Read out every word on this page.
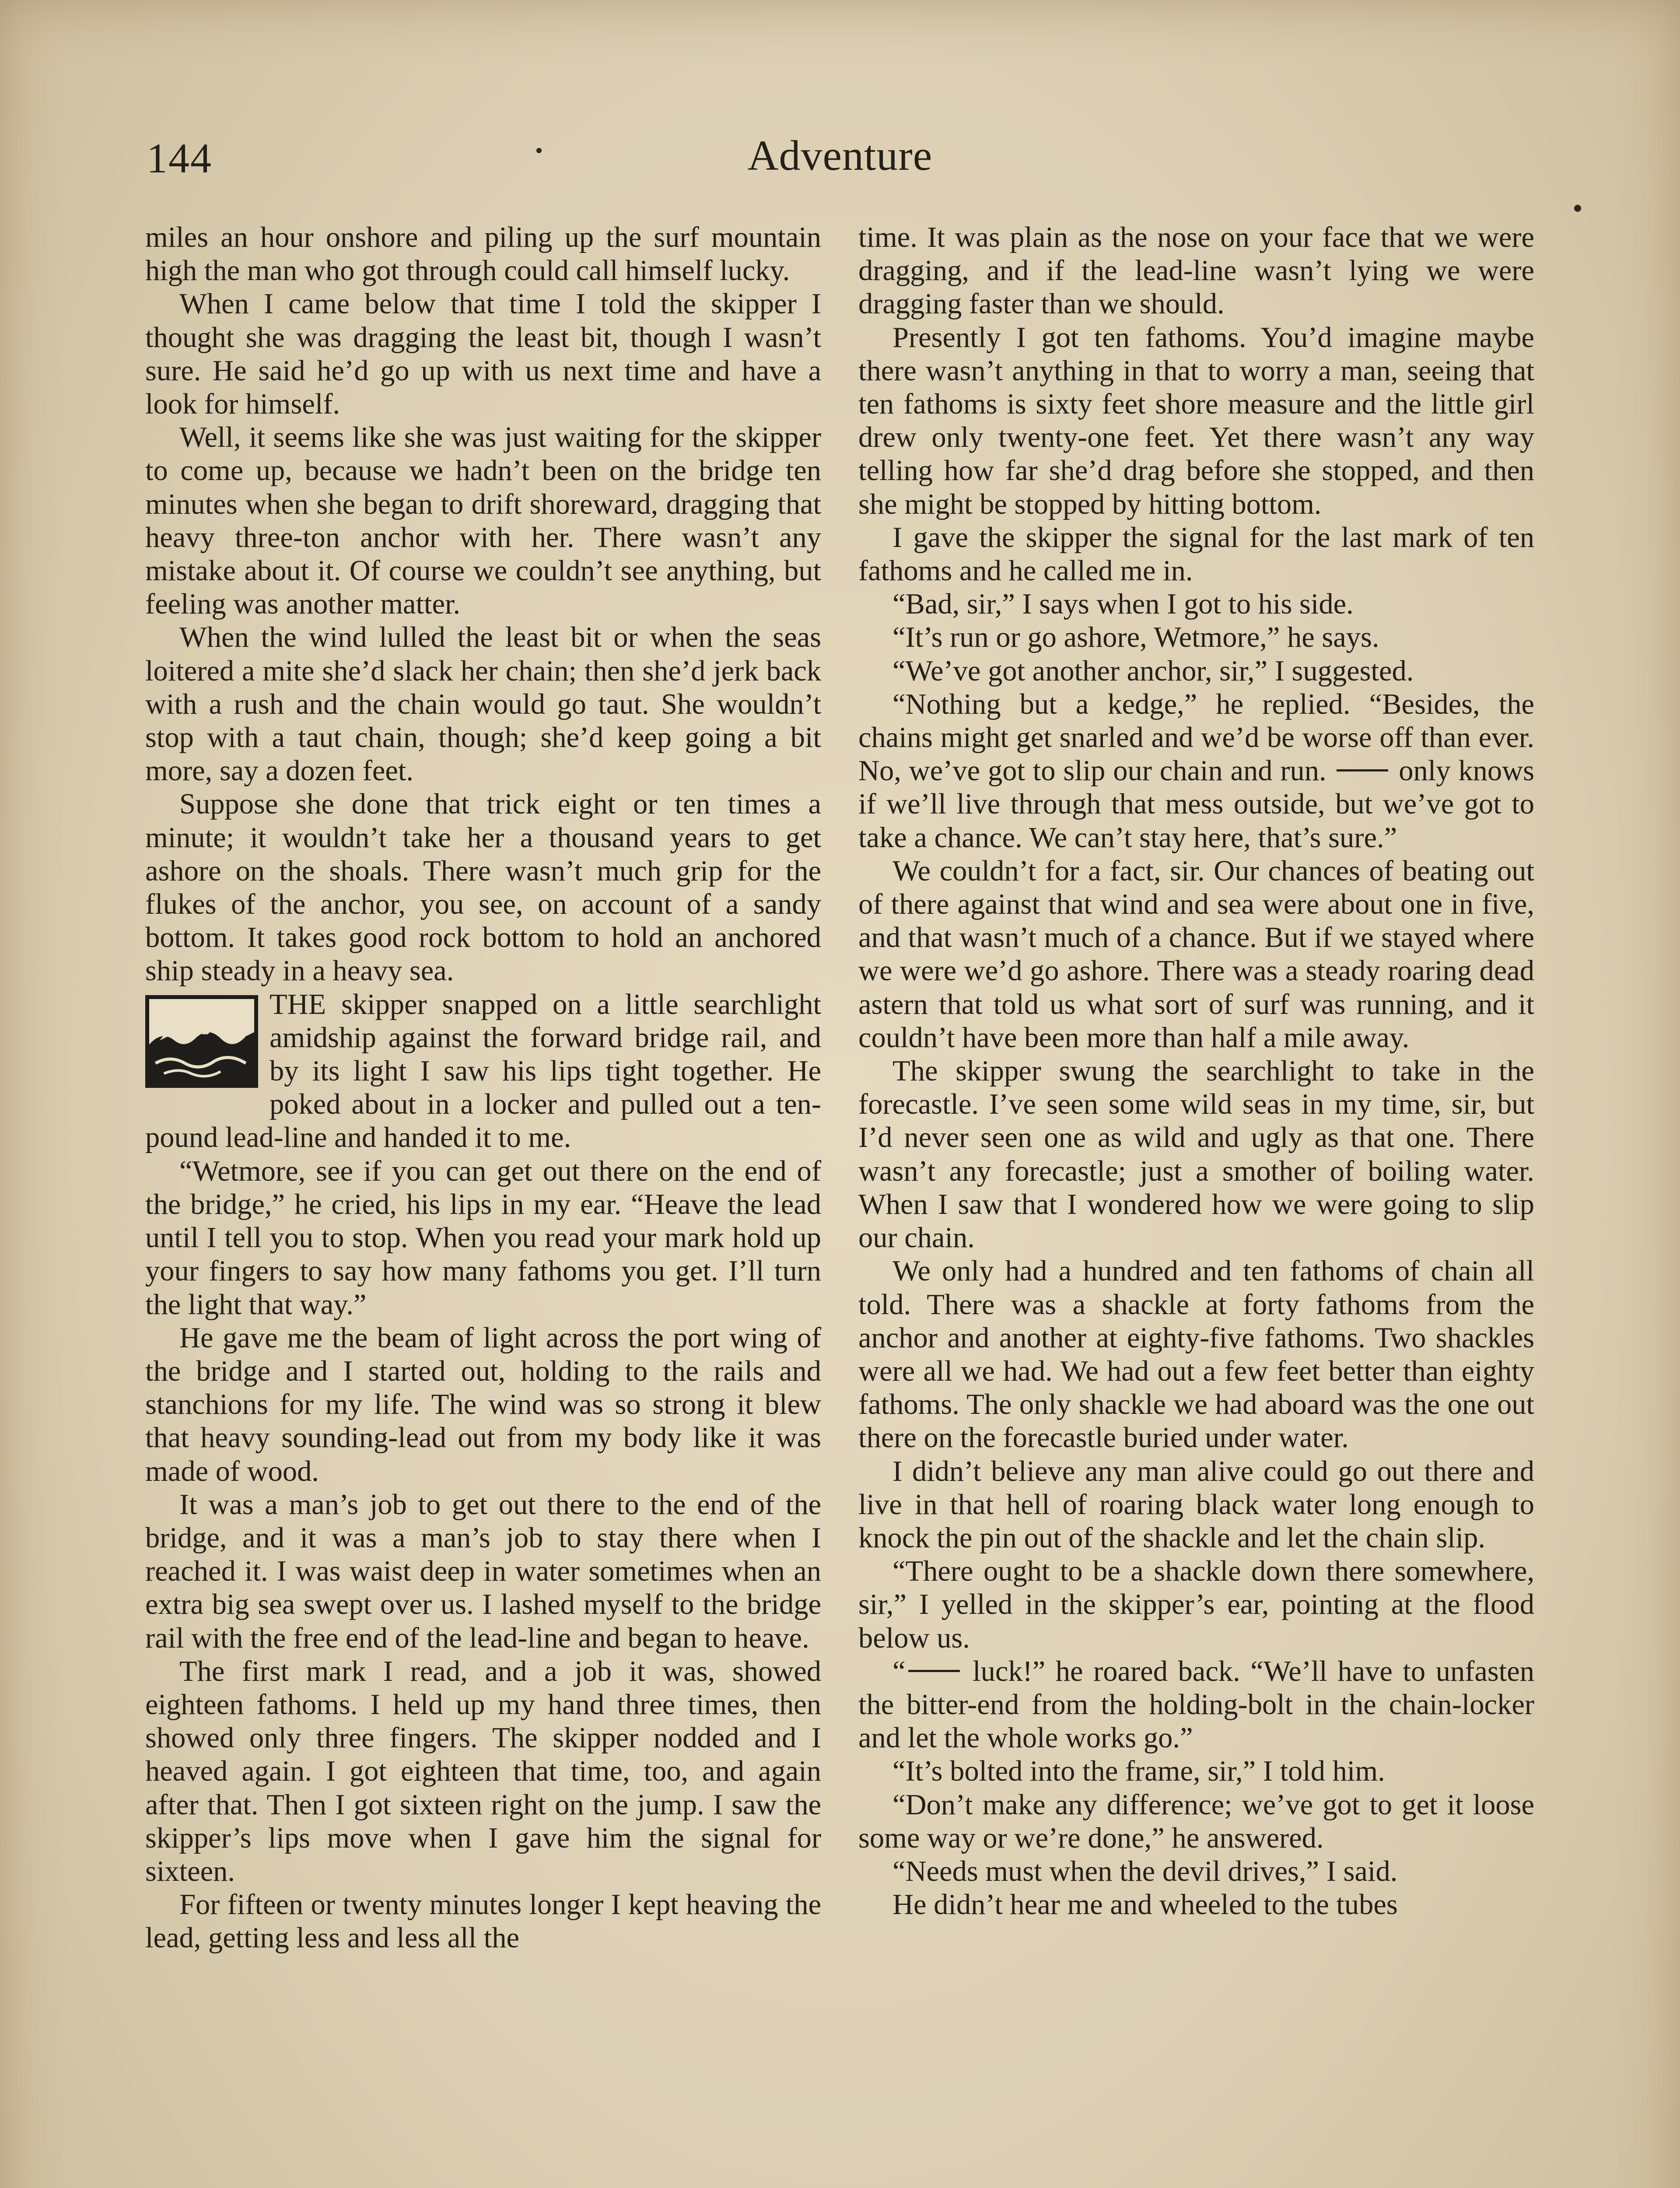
144	Adventure

miles an hour onshore and piling up the surf mountain high the man who got through could call himself lucky.

When I came below that time I told the skipper I thought she was dragging the least bit, though I wasn’t sure. He said he’d go up with us next time and have a look for himself.

Well, it seems like she was just waiting for the skipper to come up, because we hadn’t been on the bridge ten minutes when she began to drift shoreward, dragging that heavy three-ton anchor with her. There wasn’t any mistake about it. Of course we couldn’t see anything, but feeling was another matter.

When the wind lulled the least bit or when the seas loitered a mite she’d slack her chain; then she’d jerk back with a rush and the chain would go taut. She wouldn’t stop with a taut chain, though; she’d keep going a bit more, say a dozen feet.

Suppose she done that trick eight or ten times a minute; it wouldn’t take her a thousand years to get ashore on the shoals. There wasn’t much grip for the flukes of the anchor, you see, on account of a sandy bottom. It takes good rock bottom to hold an anchored ship steady in a heavy sea.

THE skipper snapped on a little searchlight amidship against the forward bridge rail, and by its light I saw his lips tight together. He poked about in a locker and pulled out a ten-pound lead-line and handed it to me.

“Wetmore, see if you can get out there on the end of the bridge,” he cried, his lips in my ear. “Heave the lead until I tell you to stop. When you read your mark hold up your fingers to say how many fathoms you get. I’ll turn the light that way.”

He gave me the beam of light across the port wing of the bridge and I started out, holding to the rails and stanchions for my life. The wind was so strong it blew that heavy sounding-lead out from my body like it was made of wood.

It was a man’s job to get out there to the end of the bridge, and it was a man’s job to stay there when I reached it. I was waist deep in water sometimes when an extra big sea swept over us. I lashed myself to the bridge rail with the free end of the lead-line and began to heave.

The first mark I read, and a job it was, showed eighteen fathoms. I held up my hand three times, then showed only three fingers. The skipper nodded and I heaved again. I got eighteen that time, too, and again after that. Then I got sixteen right on the jump. I saw the skipper’s lips move when I gave him the signal for sixteen.

For fifteen or twenty minutes longer I kept heaving the lead, getting less and less all the

time. It was plain as the nose on your face that we were dragging, and if the lead-line wasn’t lying we were dragging faster than we should.

Presently I got ten fathoms. You’d imagine maybe there wasn’t anything in that to worry a man, seeing that ten fathoms is sixty feet shore measure and the little girl drew only twenty-one feet. Yet there wasn’t any way telling how far she’d drag before she stopped, and then she might be stopped by hitting bottom.

I gave the skipper the signal for the last mark of ten fathoms and he called me in.

“Bad, sir,” I says when I got to his side.

“It’s run or go ashore, Wetmore,” he says.

“We’ve got another anchor, sir,” I suggested.

“Nothing but a kedge,” he replied. “Besides, the chains might get snarled and we’d be worse off than ever. No, we’ve got to slip our chain and run. only knows if we’ll live through that mess outside, but we’ve got to take a chance. We can’t stay here, that’s sure.”

We couldn’t for a fact, sir. Our chances of beating out of there against that wind and sea were about one in five, and that wasn’t much of a chance. But if we stayed where we were we’d go ashore. There was a steady roaring dead astern that told us what sort of surf was running, and it couldn’t have been more than half a mile away.

The skipper swung the searchlight to take in the forecastle. I’ve seen some wild seas in my time, sir, but I’d never seen one as wild and ugly as that one. There wasn’t any forecastle; just a smother of boiling water. When I saw that I wondered how we were going to slip our chain.

We only had a hundred and ten fathoms of chain all told. There was a shackle at forty fathoms from the anchor and another at eighty-five fathoms. Two shackles were all we had. We had out a few feet better than eighty fathoms. The only shackle we had aboard was the one out there on the forecastle buried under water.

I didn’t believe any man alive could go out there and live in that hell of roaring black water long enough to knock the pin out of the shackle and let the chain slip.

“There ought to be a shackle down there somewhere, sir,” I yelled in the skipper’s ear, pointing at the flood below us.

“ luck!” he roared back. “We’ll have to unfasten the bitter-end from the holding-bolt in the chain-locker and let the whole works go.”

“It’s bolted into the frame, sir,” I told him.

“Don’t make any difference; we’ve got to get it loose some way or we’re done,” he answered.

“Needs must when the devil drives,” I said.

He didn’t hear me and wheeled to the tubes
